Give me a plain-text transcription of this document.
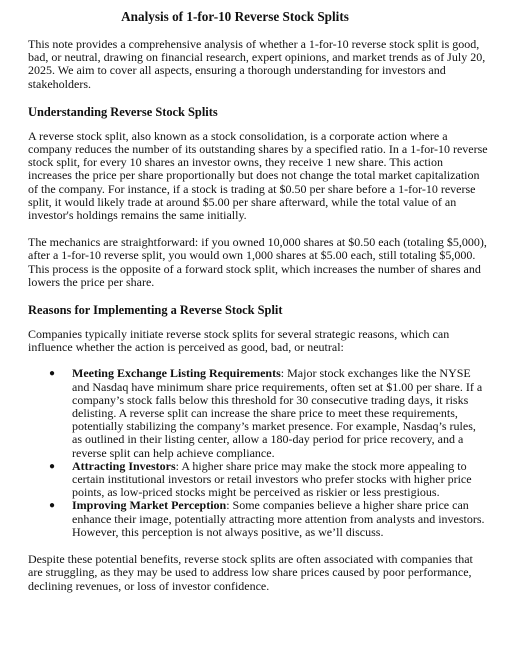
Analysis of 1-for-10 Reverse Stock Splits

This note provides a comprehensive analysis of whether a 1-for-10 reverse stock split is good, bad, or neutral, drawing on financial research, expert opinions, and market trends as of July 20, 2025. We aim to cover all aspects, ensuring a thorough understanding for investors and stakeholders.

Understanding Reverse Stock Splits

A reverse stock split, also known as a stock consolidation, is a corporate action where a company reduces the number of its outstanding shares by a specified ratio. In a 1-for-10 reverse stock split, for every 10 shares an investor owns, they receive 1 new share. This action increases the price per share proportionally but does not change the total market capitalization of the company. For instance, if a stock is trading at $0.50 per share before a 1-for-10 reverse split, it would likely trade at around $5.00 per share afterward, while the total value of an investor's holdings remains the same initially.

The mechanics are straightforward: if you owned 10,000 shares at $0.50 each (totaling $5,000), after a 1-for-10 reverse split, you would own 1,000 shares at $5.00 each, still totaling $5,000. This process is the opposite of a forward stock split, which increases the number of shares and lowers the price per share.

Reasons for Implementing a Reverse Stock Split

Companies typically initiate reverse stock splits for several strategic reasons, which can influence whether the action is perceived as good, bad, or neutral:

● Meeting Exchange Listing Requirements: Major stock exchanges like the NYSE and Nasdaq have minimum share price requirements, often set at $1.00 per share. If a company’s stock falls below this threshold for 30 consecutive trading days, it risks delisting. A reverse split can increase the share price to meet these requirements, potentially stabilizing the company’s market presence. For example, Nasdaq’s rules, as outlined in their listing center, allow a 180-day period for price recovery, and a reverse split can help achieve compliance.
● Attracting Investors: A higher share price may make the stock more appealing to certain institutional investors or retail investors who prefer stocks with higher price points, as low-priced stocks might be perceived as riskier or less prestigious.
● Improving Market Perception: Some companies believe a higher share price can enhance their image, potentially attracting more attention from analysts and investors. However, this perception is not always positive, as we’ll discuss.

Despite these potential benefits, reverse stock splits are often associated with companies that are struggling, as they may be used to address low share prices caused by poor performance, declining revenues, or loss of investor confidence.
